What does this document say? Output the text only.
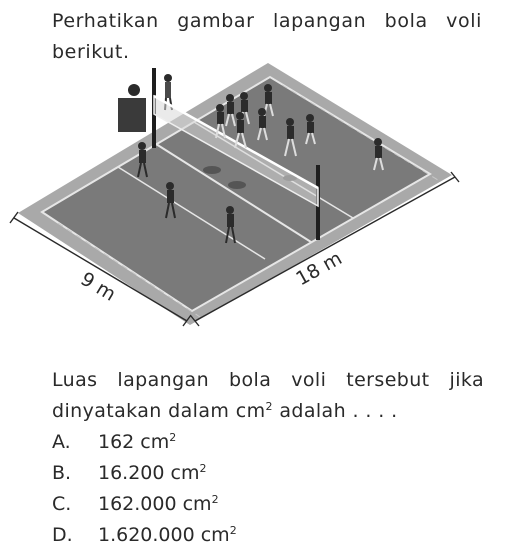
Perhatikan gambar lapangan bola voli berikut.

9 m	18 m

Luas lapangan bola voli tersebut jika
dinyatakan dalam $cm^2$ adalah . . . .

A. 162 $cm^2$
B. 16.200 $cm^2$
C. 162.000 $cm^2$
D. 1.620.000 $cm^2$
